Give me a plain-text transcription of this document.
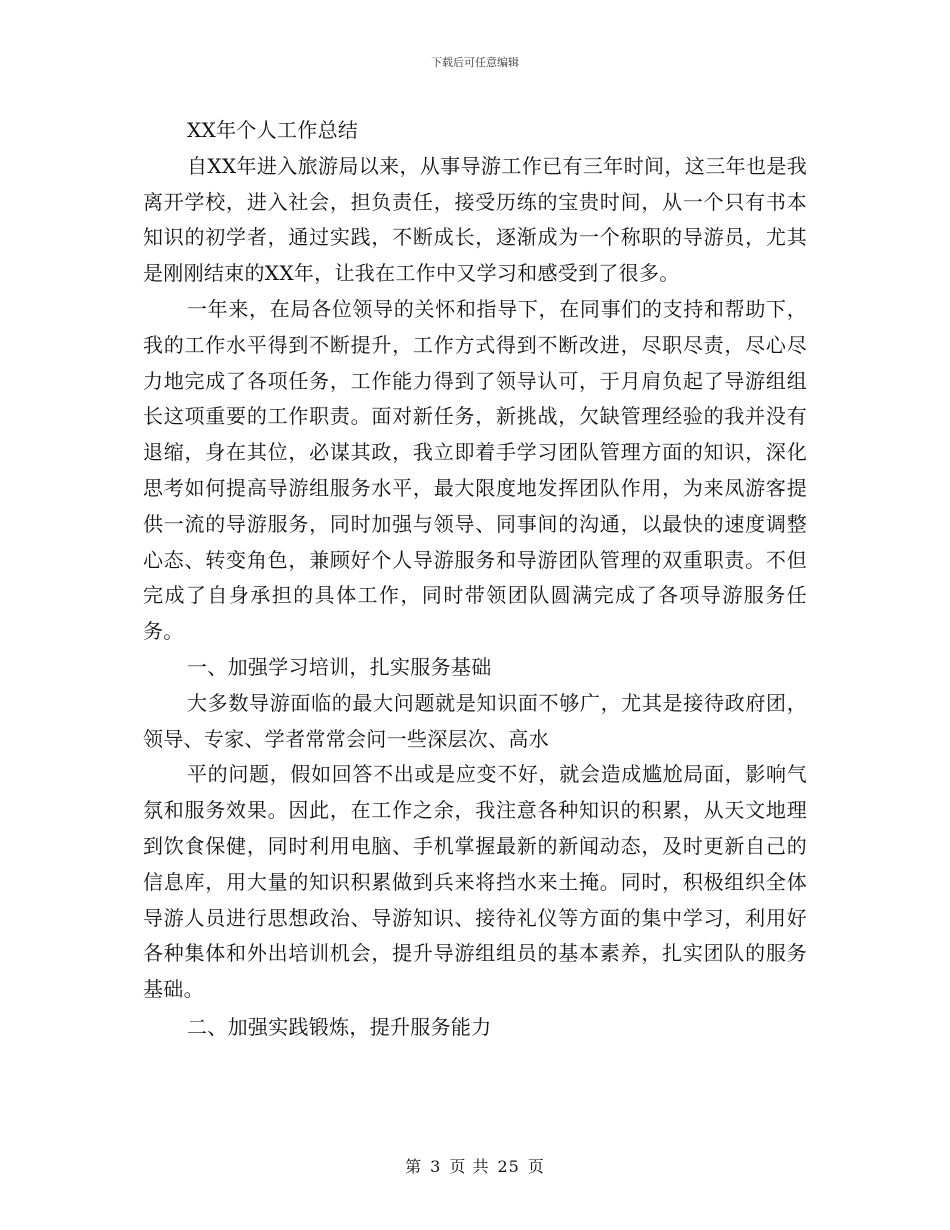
下载后可任意编辑

XX年个人工作总结

自XX年进入旅游局以来，从事导游工作已有三年时间，这三年也是我离开学校，进入社会，担负责任，接受历练的宝贵时间，从一个只有书本知识的初学者，通过实践，不断成长，逐渐成为一个称职的导游员，尤其是刚刚结束的XX年，让我在工作中又学习和感受到了很多。

一年来，在局各位领导的关怀和指导下，在同事们的支持和帮助下，我的工作水平得到不断提升，工作方式得到不断改进，尽职尽责，尽心尽力地完成了各项任务，工作能力得到了领导认可，于月肩负起了导游组组长这项重要的工作职责。面对新任务，新挑战，欠缺管理经验的我并没有退缩，身在其位，必谋其政，我立即着手学习团队管理方面的知识，深化思考如何提高导游组服务水平，最大限度地发挥团队作用，为来凤游客提供一流的导游服务，同时加强与领导、同事间的沟通，以最快的速度调整心态、转变角色，兼顾好个人导游服务和导游团队管理的双重职责。不但完成了自身承担的具体工作，同时带领团队圆满完成了各项导游服务任务。

一、加强学习培训，扎实服务基础

大多数导游面临的最大问题就是知识面不够广，尤其是接待政府团，领导、专家、学者常常会问一些深层次、高水

平的问题，假如回答不出或是应变不好，就会造成尴尬局面，影响气氛和服务效果。因此，在工作之余，我注意各种知识的积累，从天文地理到饮食保健，同时利用电脑、手机掌握最新的新闻动态，及时更新自己的信息库，用大量的知识积累做到兵来将挡水来土掩。同时，积极组织全体导游人员进行思想政治、导游知识、接待礼仪等方面的集中学习，利用好各种集体和外出培训机会，提升导游组组员的基本素养，扎实团队的服务基础。

二、加强实践锻炼，提升服务能力

第 3 页 共 25 页
